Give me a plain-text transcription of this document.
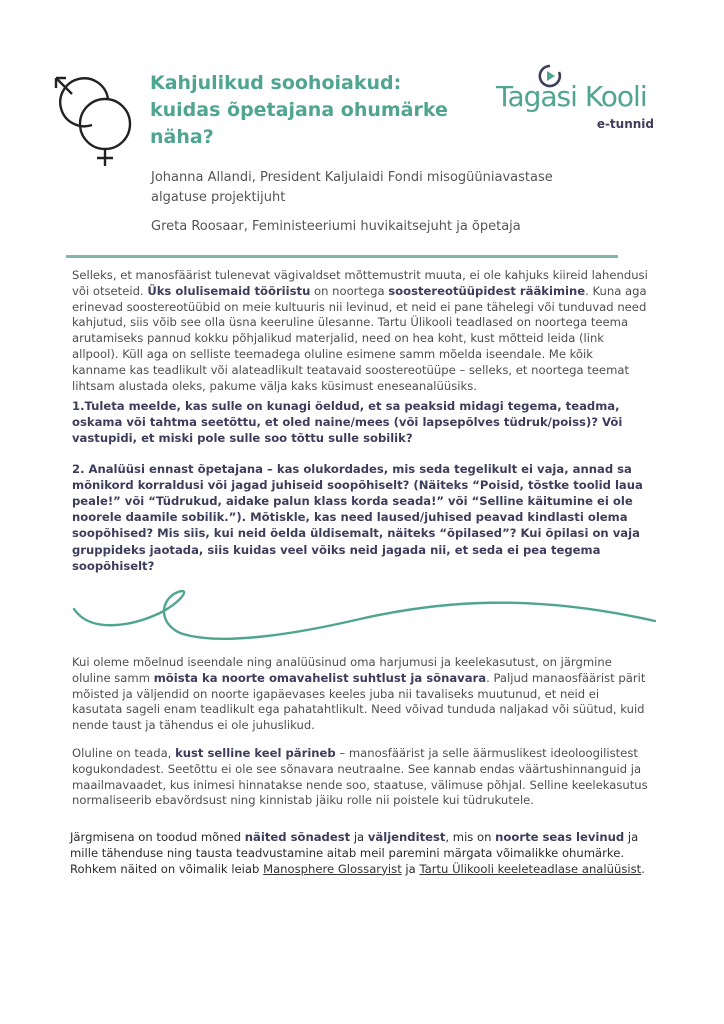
Kahjulikud soohoiakud:
kuidas õpetajana ohumärke
näha?
Tagasi Kooli
e-tunnid

Johanna Allandi, President Kaljulaidi Fondi misogüüniavastase algatuse projektijuht

Greta Roosaar, Feministeeriumi huvikaitsejuht ja õpetaja

Selleks, et manosfäärist tulenevat vägivaldset mõttemustrit muuta, ei ole kahjuks kiireid lahendusi või otseteid. Üks olulisemaid tööriistu on noortega soostereotüüpidest rääkimine. Kuna aga erinevad soostereotüübid on meie kultuuris nii levinud, et neid ei pane tähelegi või tunduvad need kahjutud, siis võib see olla üsna keeruline ülesanne. Tartu Ülikooli teadlased on noortega teema arutamiseks pannud kokku põhjalikud materjalid, need on hea koht, kust mõtteid leida (link allpool). Küll aga on selliste teemadega oluline esimene samm mõelda iseendale. Me kõik kanname kas teadlikult või alateadlikult teatavaid soostereotüüpe – selleks, et noortega teemat lihtsam alustada oleks, pakume välja kaks küsimust eneseanalüüsiks.

1.Tuleta meelde, kas sulle on kunagi öeldud, et sa peaksid midagi tegema, teadma, oskama või tahtma seetõttu, et oled naine/mees (või lapsepõlves tüdruk/poiss)? Või vastupidi, et miski pole sulle soo tõttu sulle sobilik?

2. Analüüsi ennast õpetajana – kas olukordades, mis seda tegelikult ei vaja, annad sa mõnikord korraldusi või jagad juhiseid soopõhiselt? (Näiteks “Poisid, tõstke toolid laua peale!” või “Tüdrukud, aidake palun klass korda seada!” või “Selline käitumine ei ole noorele daamile sobilik.”). Mõtiskle, kas need laused/juhised peavad kindlasti olema soopõhised? Mis siis, kui neid öelda üldisemalt, näiteks “õpilased”? Kui õpilasi on vaja gruppideks jaotada, siis kuidas veel võiks neid jagada nii, et seda ei pea tegema soopõhiselt?

Kui oleme mõelnud iseendale ning analüüsinud oma harjumusi ja keelekasutust, on järgmine oluline samm mõista ka noorte omavahelist suhtlust ja sõnavara. Paljud manaosfäärist pärit mõisted ja väljendid on noorte igapäevases keeles juba nii tavaliseks muutunud, et neid ei kasutata sageli enam teadlikult ega pahatahtlikult. Need võivad tunduda naljakad või süütud, kuid nende taust ja tähendus ei ole juhuslikud.

Oluline on teada, kust selline keel pärineb – manosfäärist ja selle äärmuslikest ideoloogilistest kogukondadest. Seetõttu ei ole see sõnavara neutraalne. See kannab endas väärtushinnanguid ja maailmavaadet, kus inimesi hinnatakse nende soo, staatuse, välimuse põhjal. Selline keelekasutus normaliseerib ebavõrdsust ning kinnistab jäiku rolle nii poistele kui tüdrukutele.

Järgmisena on toodud mõned näited sõnadest ja väljenditest, mis on noorte seas levinud ja mille tähenduse ning tausta teadvustamine aitab meil paremini märgata võimalikke ohumärke. Rohkem näited on võimalik leiab Manosphere Glossaryist ja Tartu Ülikooli keeleteadlase analüüsist.
